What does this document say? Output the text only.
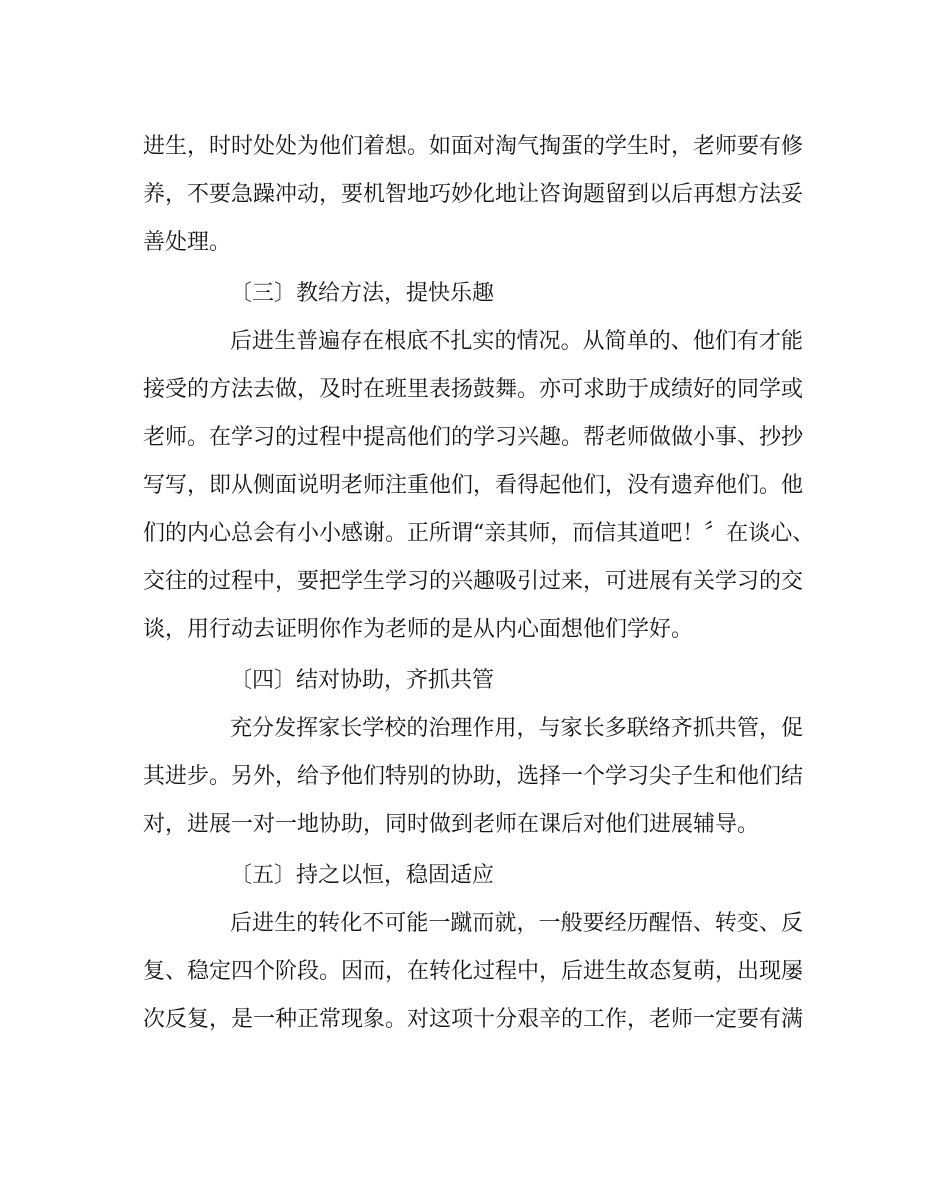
进生，时时处处为他们着想。如面对淘气掏蛋的学生时，老师要有修

养，不要急躁冲动，要机智地巧妙化地让咨询题留到以后再想方法妥

善处理。

〔三〕教给方法，提快乐趣

后进生普遍存在根底不扎实的情况。从简单的、他们有才能

接受的方法去做，及时在班里表扬鼓舞。亦可求助于成绩好的同学或

老师。在学习的过程中提高他们的学习兴趣。帮老师做做小事、抄抄

写写，即从侧面说明老师注重他们，看得起他们，没有遗弃他们。他

们的内心总会有小小感谢。正所谓“亲其师，而信其道吧！〞在谈心、

交往的过程中，要把学生学习的兴趣吸引过来，可进展有关学习的交

谈，用行动去证明你作为老师的是从内心面想他们学好。

〔四〕结对协助，齐抓共管

充分发挥家长学校的治理作用，与家长多联络齐抓共管，促

其进步。另外，给予他们特别的协助，选择一个学习尖子生和他们结

对，进展一对一地协助，同时做到老师在课后对他们进展辅导。

〔五〕持之以恒，稳固适应

后进生的转化不可能一蹴而就，一般要经历醒悟、转变、反

复、稳定四个阶段。因而，在转化过程中，后进生故态复萌，出现屡

次反复，是一种正常现象。对这项十分艰辛的工作，老师一定要有满
